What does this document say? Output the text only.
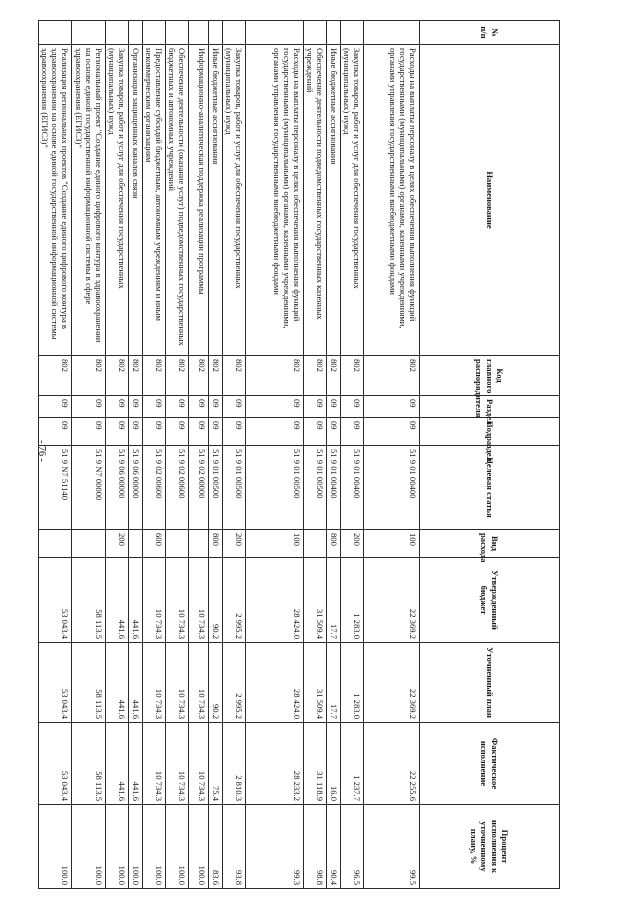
- 76 -
№ п/п	Наименование	Код главного распорядителя	Раздел	Подраздел	Целевая статья	Вид расхода	Утвержденный бюджет	Уточненный план	Фактическое исполнение	Процент исполнения к уточненному плану, %
	Расходы на выплаты персоналу в целях обеспечения выполнения функций государственными (муниципальными) органами, казенными учреждениями, органами управления государственными внебюджетными фондами	802	09	09	51 9 01 00400	100	22 369.2	22 369.2	22 255.6	99.5
	Закупка товаров, работ и услуг для обеспечения государственных (муниципальных) нужд	802	09	09	51 9 01 00400	200	1 283.0	1 283.0	1 237.7	96.5
	Иные бюджетные ассигнования	802	09	09	51 9 01 00400	800	17.7	17.7	16.0	90.4
	Обеспечение деятельности подведомственных государственных казенных учреждений	802	09	09	51 9 01 00500		31 509.4	31 509.4	31 118.9	98.8
	Расходы на выплаты персоналу в целях обеспечения выполнения функций государственными (муниципальными) органами, казенными учреждениями, органами управления государственными внебюджетными фондами	802	09	09	51 9 01 00500	100	28 424.0	28 424.0	28 233.2	99.3
	Закупка товаров, работ и услуг для обеспечения государственных (муниципальных) нужд	802	09	09	51 9 01 00500	200	2 995.2	2 995.2	2 810.3	93.8
	Иные бюджетные ассигнования	802	09	09	51 9 01 00500	800	90.2	90.2	75.4	83.6
	Информационно-аналитическая поддержка реализации программы	802	09	09	51 9 02 00000		10 734.3	10 734.3	10 734.3	100.0
	Обеспечение деятельности (оказание услуг) подведомственных государственных бюджетных и автономных учреждений	802	09	09	51 9 02 00600		10 734.3	10 734.3	10 734.3	100.0
	Предоставление субсидий бюджетным, автономным учреждениям и иным некоммерческим организациям	802	09	09	51 9 02 00600	600	10 734.3	10 734.3	10 734.3	100.0
	Организация защищенных каналов связи	802	09	09	51 9 06 00000		441.6	441.6	441.6	100.0
	Закупка товаров, работ и услуг для обеспечения государственных (муниципальных) нужд	802	09	09	51 9 06 00000	200	441.6	441.6	441.6	100.0
	Региональный проект "Создание единого цифрового контура в здравоохранении на основе единой государственной информационной системы в сфере здравоохранения (ЕГИСЗ)"	802	09	09	51 9 N7 00000		58 113.5	58 113.5	58 113.5	100.0
	Реализация региональных проектов "Создание единого цифрового контура в здравоохранении на основе единой государственной информационной системы здравоохранения (ЕГИСЗ)"	802	09	09	51 9 N7 51140		53 043.4	53 043.4	53 043.4	100.0
